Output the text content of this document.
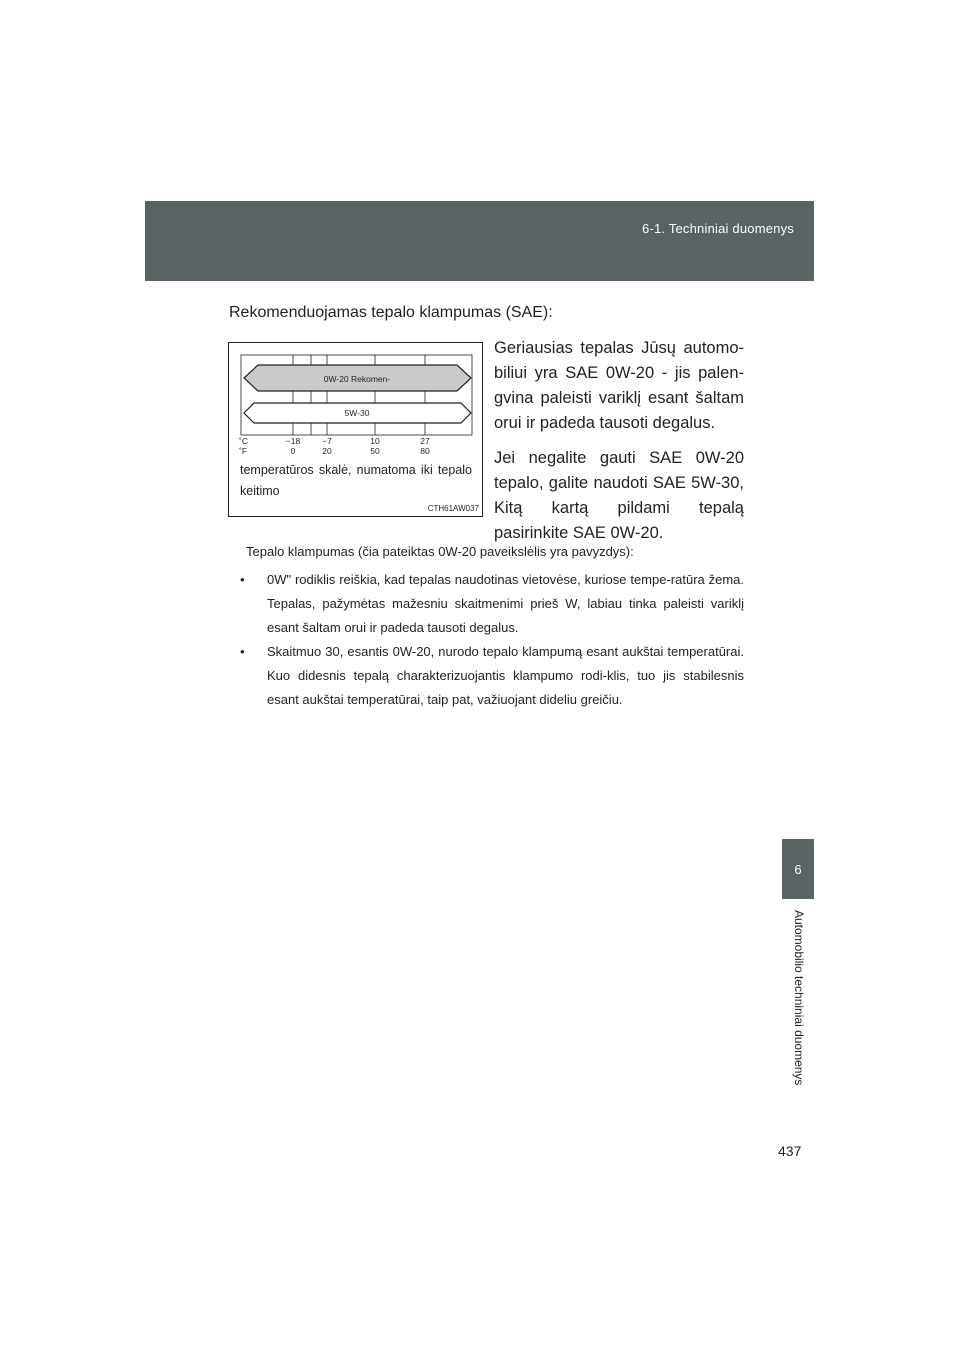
6-1. Techniniai duomenys
6
Automobilio techniniai duomenys
437
Rekomenduojamas tepalo klampumas (SAE):
0W-20 Rekomen-
5W-30
˚C
˚F
−18	−7	10	27
0	20	50	80
temperatūros skalė, numatoma iki tepalo keitimo
CTH61AW037

Geriausias tepalas Jūsų automo-biliui yra SAE 0W-20 - jis palen-gvina paleisti variklį esant šaltam orui ir padeda tausoti degalus.

Jei negalite gauti SAE 0W-20 tepalo, galite naudoti SAE 5W-30, Kitą kartą pildami tepalą pasirinkite SAE 0W-20.

Tepalo klampumas (čia pateiktas 0W-20 paveikslėlis yra pavyzdys):

• 0W" rodiklis reiškia, kad tepalas naudotinas vietovėse, kuriose tempe-ratūra žema. Tepalas, pažymėtas mažesniu skaitmenimi prieš W, labiau tinka paleisti variklį esant šaltam orui ir padeda tausoti degalus.
• Skaitmuo 30, esantis 0W-20, nurodo tepalo klampumą esant aukštai temperatūrai. Kuo didesnis tepalą charakterizuojantis klampumo rodi-klis, tuo jis stabilesnis esant aukštai temperatūrai, taip pat, važiuojant dideliu greičiu.
